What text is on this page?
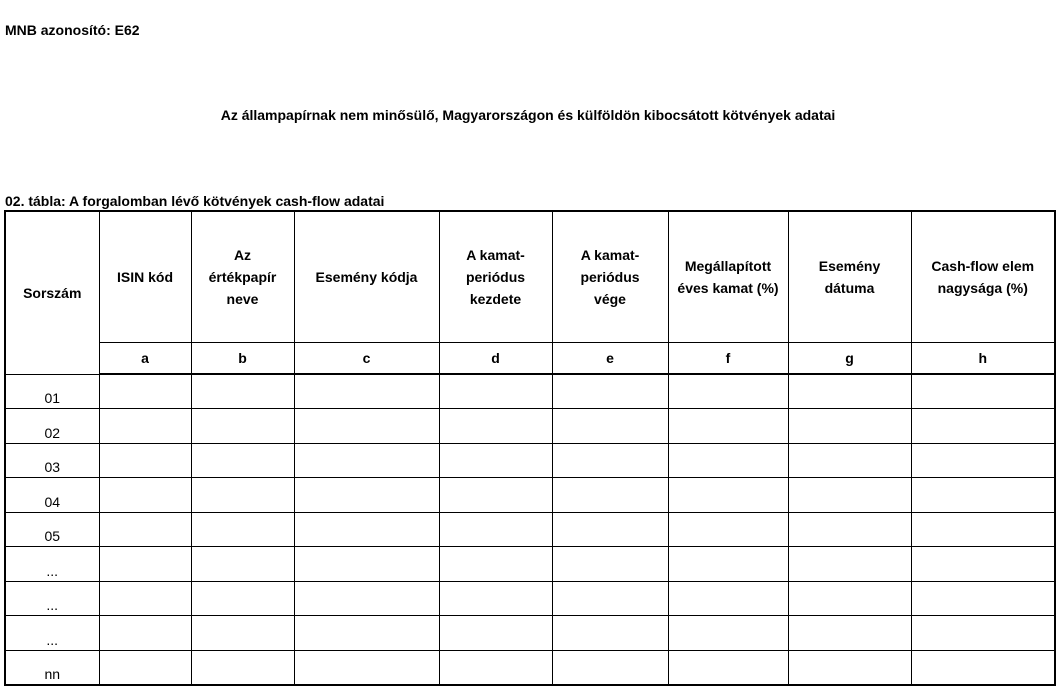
MNB azonosító: E62
Az állampapírnak nem minősülő, Magyarországon és külföldön kibocsátott kötvények adatai
02. tábla: A forgalomban lévő kötvények cash-flow adatai
Sorszám	ISIN kód	Az értékpapír neve	Esemény kódja	A kamat-periódus kezdete	A kamat-periódus vége	Megállapított éves kamat (%)	Esemény dátuma	Cash-flow elem nagysága (%)
	a	b	c	d	e	f	g	h
01								
02								
03								
04								
05								
...								
...								
...								
nn								
